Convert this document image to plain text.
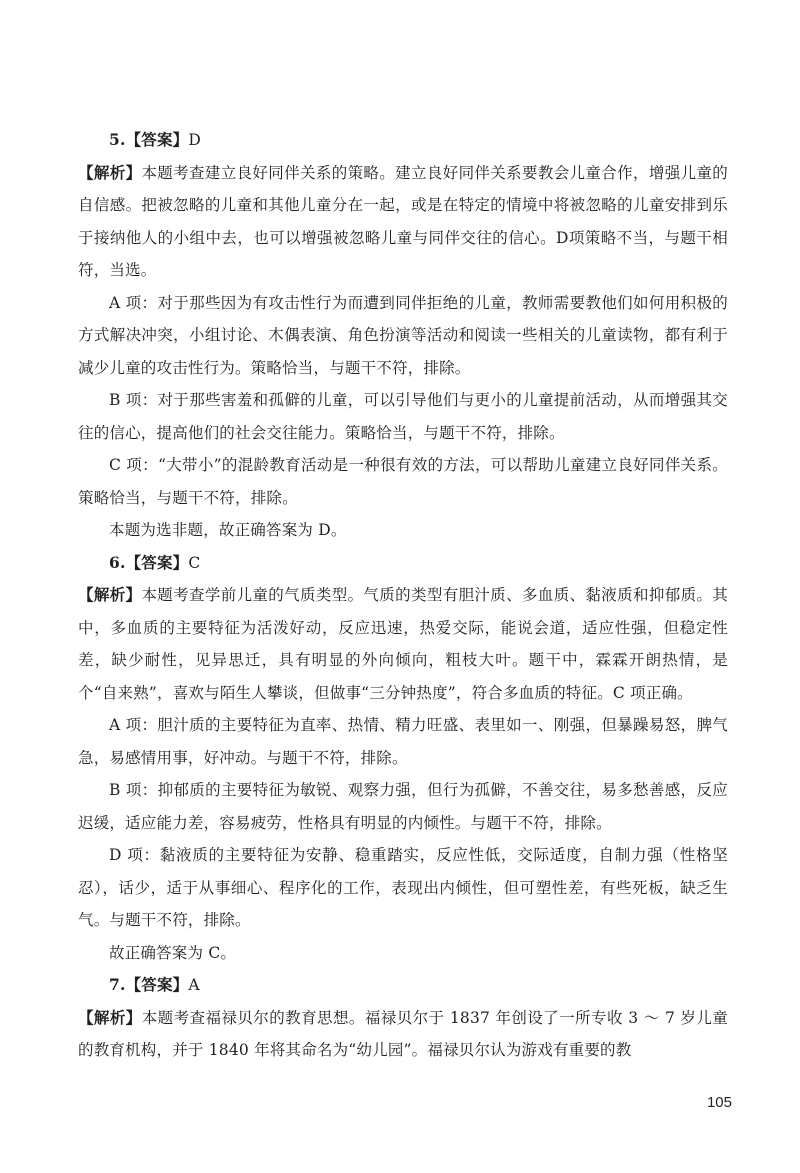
5.【答案】D

【解析】本题考查建立良好同伴关系的策略。建立良好同伴关系要教会儿童合作，增强儿童的自信感。把被忽略的儿童和其他儿童分在一起，或是在特定的情境中将被忽略的儿童安排到乐于接纳他人的小组中去，也可以增强被忽略儿童与同伴交往的信心。D项策略不当，与题干相符，当选。

A 项：对于那些因为有攻击性行为而遭到同伴拒绝的儿童，教师需要教他们如何用积极的方式解决冲突，小组讨论、木偶表演、角色扮演等活动和阅读一些相关的儿童读物，都有利于减少儿童的攻击性行为。策略恰当，与题干不符，排除。

B 项：对于那些害羞和孤僻的儿童，可以引导他们与更小的儿童提前活动，从而增强其交往的信心，提高他们的社会交往能力。策略恰当，与题干不符，排除。

C 项：“大带小”的混龄教育活动是一种很有效的方法，可以帮助儿童建立良好同伴关系。策略恰当，与题干不符，排除。

本题为选非题，故正确答案为 D。

6.【答案】C

【解析】本题考查学前儿童的气质类型。气质的类型有胆汁质、多血质、黏液质和抑郁质。其中，多血质的主要特征为活泼好动，反应迅速，热爱交际，能说会道，适应性强，但稳定性差，缺少耐性，见异思迁，具有明显的外向倾向，粗枝大叶。题干中，霖霖开朗热情，是个“自来熟”，喜欢与陌生人攀谈，但做事“三分钟热度”，符合多血质的特征。C 项正确。

A 项：胆汁质的主要特征为直率、热情、精力旺盛、表里如一、刚强，但暴躁易怒，脾气急，易感情用事，好冲动。与题干不符，排除。

B 项：抑郁质的主要特征为敏锐、观察力强，但行为孤僻，不善交往，易多愁善感，反应迟缓，适应能力差，容易疲劳，性格具有明显的内倾性。与题干不符，排除。

D 项：黏液质的主要特征为安静、稳重踏实，反应性低，交际适度，自制力强（性格坚忍），话少，适于从事细心、程序化的工作，表现出内倾性，但可塑性差，有些死板，缺乏生气。与题干不符，排除。

故正确答案为 C。

7.【答案】A

【解析】本题考查福禄贝尔的教育思想。福禄贝尔于 1837 年创设了一所专收 3 ～ 7 岁儿童的教育机构，并于 1840 年将其命名为“幼儿园”。福禄贝尔认为游戏有重要的教

105
